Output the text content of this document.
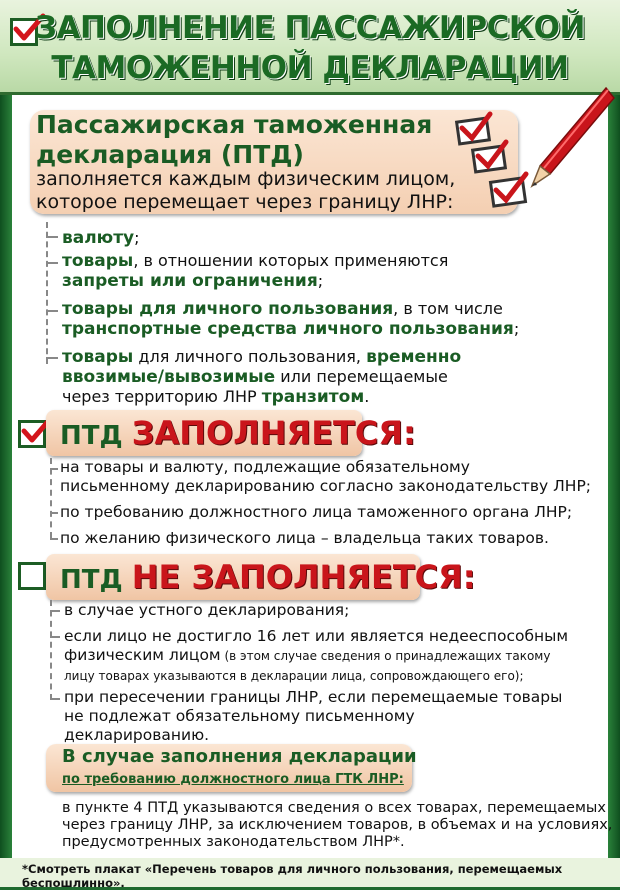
ЗАПОЛНЕНИЕ ПАССАЖИРСКОЙ
ТАМОЖЕННОЙ ДЕКЛАРАЦИИ
Пассажирская таможенная
декларация (ПТД)
заполняется каждым физическим лицом,
которое перемещает через границу ЛНР:
валюту;
товары, в отношении которых применяются
запреты или ограничения;
товары для личного пользования, в том числе
транспортные средства личного пользования;
товары для личного пользования, временно
ввозимые/вывозимые или перемещаемые
через территорию ЛНР транзитом.
ПТД ЗАПОЛНЯЕТСЯ:
на товары и валюту, подлежащие обязательному
письменному декларированию согласно законодательству ЛНР;
по требованию должностного лица таможенного органа ЛНР;
по желанию физического лица – владельца таких товаров.
ПТД НЕ ЗАПОЛНЯЕТСЯ:
в случае устного декларирования;
если лицо не достигло 16 лет или является недееспособным
физическим лицом (в этом случае сведения о принадлежащих такому
лицу товарах указываются в декларации лица, сопровождающего его);
при пересечении границы ЛНР, если перемещаемые товары
не подлежат обязательному письменному
декларированию.
В случае заполнения декларации
по требованию должностного лица ГТК ЛНР:
в пункте 4 ПТД указываются сведения о всех товарах, перемещаемых
через границу ЛНР, за исключением товаров, в объемах и на условиях,
предусмотренных законодательством ЛНР*.
*Смотреть плакат «Перечень товаров для личного пользования, перемещаемых беспошлинно».
